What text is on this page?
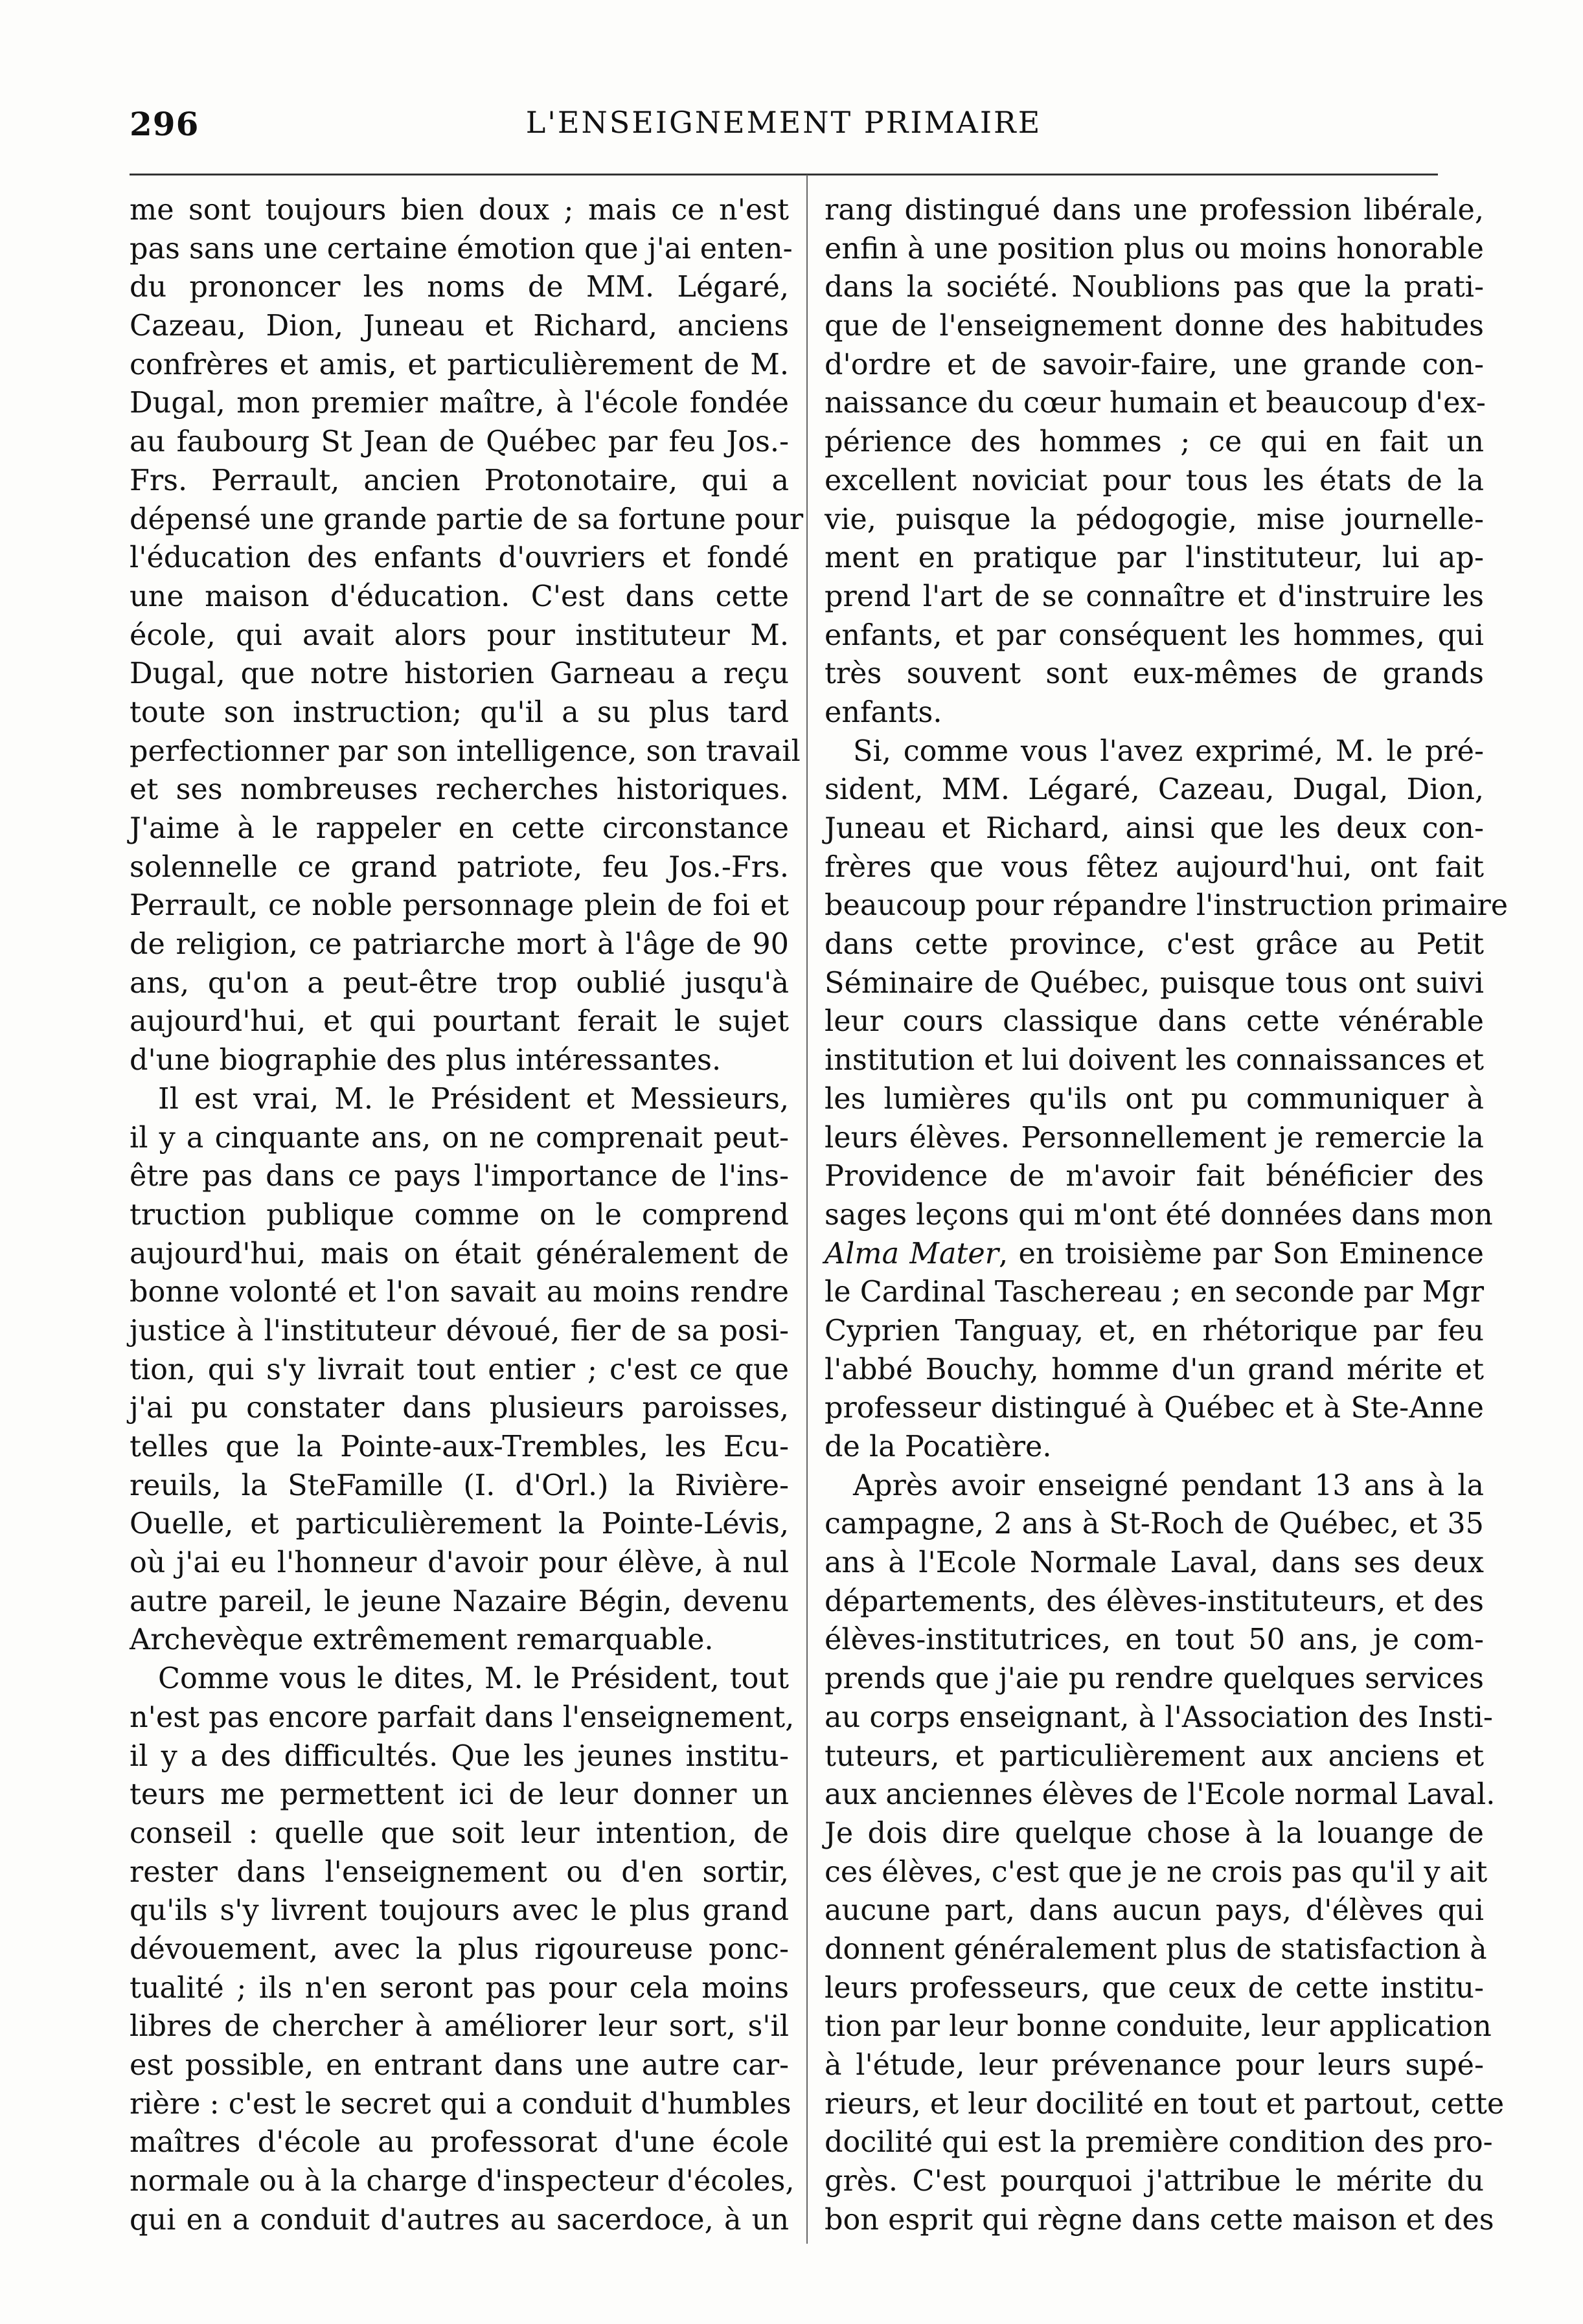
296	L'ENSEIGNEMENT PRIMAIRE
me sont toujours bien doux ; mais ce n'est
pas sans une certaine émotion que j'ai enten-
du prononcer les noms de MM. Légaré,
Cazeau, Dion, Juneau et Richard, anciens
confrères et amis, et particulièrement de M.
Dugal, mon premier maître, à l'école fondée
au faubourg St Jean de Québec par feu Jos.-
Frs. Perrault, ancien Protonotaire, qui a
dépensé une grande partie de sa fortune pour
l'éducation des enfants d'ouvriers et fondé
une maison d'éducation. C'est dans cette
école, qui avait alors pour instituteur M.
Dugal, que notre historien Garneau a reçu
toute son instruction; qu'il a su plus tard
perfectionner par son intelligence, son travail
et ses nombreuses recherches historiques.
J'aime à le rappeler en cette circonstance
solennelle ce grand patriote, feu Jos.-Frs.
Perrault, ce noble personnage plein de foi et
de religion, ce patriarche mort à l'âge de 90
ans, qu'on a peut-être trop oublié jusqu'à
aujourd'hui, et qui pourtant ferait le sujet
d'une biographie des plus intéressantes.
Il est vrai, M. le Président et Messieurs,
il y a cinquante ans, on ne comprenait peut-
être pas dans ce pays l'importance de l'ins-
truction publique comme on le comprend
aujourd'hui, mais on était généralement de
bonne volonté et l'on savait au moins rendre
justice à l'instituteur dévoué, fier de sa posi-
tion, qui s'y livrait tout entier ; c'est ce que
j'ai pu constater dans plusieurs paroisses,
telles que la Pointe-aux-Trembles, les Ecu-
reuils, la SteFamille (I. d'Orl.) la Rivière-
Ouelle, et particulièrement la Pointe-Lévis,
où j'ai eu l'honneur d'avoir pour élève, à nul
autre pareil, le jeune Nazaire Bégin, devenu
Archevèque extrêmement remarquable.
Comme vous le dites, M. le Président, tout
n'est pas encore parfait dans l'enseignement,
il y a des difficultés. Que les jeunes institu-
teurs me permettent ici de leur donner un
conseil : quelle que soit leur intention, de
rester dans l'enseignement ou d'en sortir,
qu'ils s'y livrent toujours avec le plus grand
dévouement, avec la plus rigoureuse ponc-
tualité ; ils n'en seront pas pour cela moins
libres de chercher à améliorer leur sort, s'il
est possible, en entrant dans une autre car-
rière : c'est le secret qui a conduit d'humbles
maîtres d'école au professorat d'une école
normale ou à la charge d'inspecteur d'écoles,
qui en a conduit d'autres au sacerdoce, à un
rang distingué dans une profession libérale,
enfin à une position plus ou moins honorable
dans la société. Noublions pas que la prati-
que de l'enseignement donne des habitudes
d'ordre et de savoir-faire, une grande con-
naissance du cœur humain et beaucoup d'ex-
périence des hommes ; ce qui en fait un
excellent noviciat pour tous les états de la
vie, puisque la pédogogie, mise journelle-
ment en pratique par l'instituteur, lui ap-
prend l'art de se connaître et d'instruire les
enfants, et par conséquent les hommes, qui
très souvent sont eux-mêmes de grands
enfants.
Si, comme vous l'avez exprimé, M. le pré-
sident, MM. Légaré, Cazeau, Dugal, Dion,
Juneau et Richard, ainsi que les deux con-
frères que vous fêtez aujourd'hui, ont fait
beaucoup pour répandre l'instruction primaire
dans cette province, c'est grâce au Petit
Séminaire de Québec, puisque tous ont suivi
leur cours classique dans cette vénérable
institution et lui doivent les connaissances et
les lumières qu'ils ont pu communiquer à
leurs élèves. Personnellement je remercie la
Providence de m'avoir fait bénéficier des
sages leçons qui m'ont été données dans mon
Alma Mater, en troisième par Son Eminence
le Cardinal Taschereau ; en seconde par Mgr
Cyprien Tanguay, et, en rhétorique par feu
l'abbé Bouchy, homme d'un grand mérite et
professeur distingué à Québec et à Ste-Anne
de la Pocatière.
Après avoir enseigné pendant 13 ans à la
campagne, 2 ans à St-Roch de Québec, et 35
ans à l'Ecole Normale Laval, dans ses deux
départements, des élèves-instituteurs, et des
élèves-institutrices, en tout 50 ans, je com-
prends que j'aie pu rendre quelques services
au corps enseignant, à l'Association des Insti-
tuteurs, et particulièrement aux anciens et
aux anciennes élèves de l'Ecole normal Laval.
Je dois dire quelque chose à la louange de
ces élèves, c'est que je ne crois pas qu'il y ait
aucune part, dans aucun pays, d'élèves qui
donnent généralement plus de statisfaction à
leurs professeurs, que ceux de cette institu-
tion par leur bonne conduite, leur application
à l'étude, leur prévenance pour leurs supé-
rieurs, et leur docilité en tout et partout, cette
docilité qui est la première condition des pro-
grès. C'est pourquoi j'attribue le mérite du
bon esprit qui règne dans cette maison et des
